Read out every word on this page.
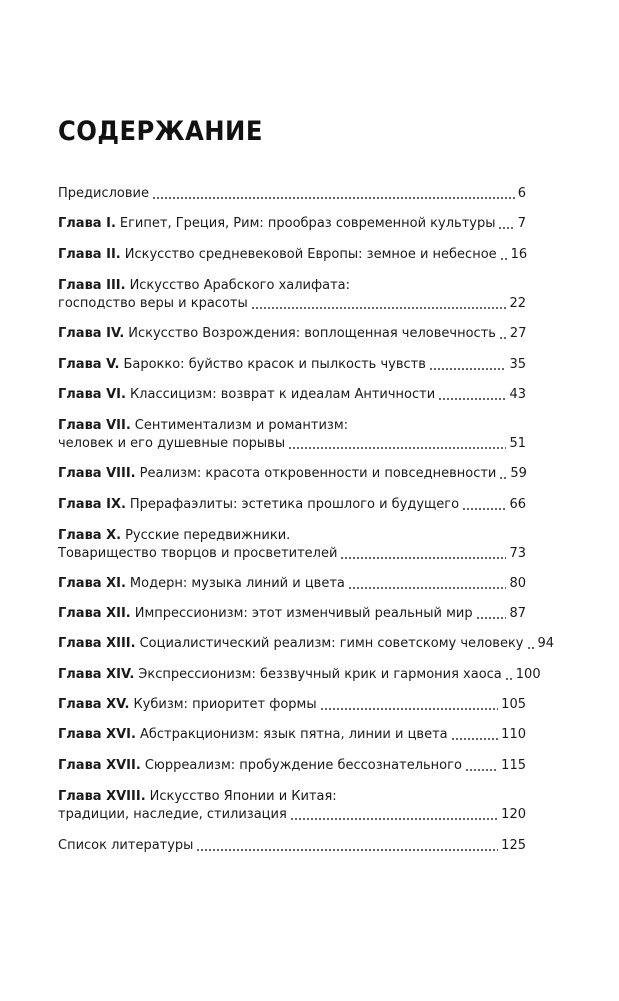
СОДЕРЖАНИЕ
Предисловие	6
Глава I. Египет, Греция, Рим: прообраз современной культуры 7
Глава II. Искусство средневековой Европы: земное и небесное 16
Глава III. Искусство Арабского халифата:
господство веры и красоты	22
Глава IV. Искусство Возрождения: воплощенная человечность 27
Глава V. Барокко: буйство красок и пылкость чувств	35
Глава VI. Классицизм: возврат к идеалам Античности	43
Глава VII. Сентиментализм и романтизм:
человек и его душевные порывы	51
Глава VIII. Реализм: красота откровенности и повседневности 59
Глава IX. Прерафаэлиты: эстетика прошлого и будущего	66
Глава X. Русские передвижники.
Товарищество творцов и просветителей	73
Глава XI. Модерн: музыка линий и цвета	80
Глава XII. Импрессионизм: этот изменчивый реальный мир	87
Глава XIII. Социалистический реализм: гимн советскому человеку 94
Глава XIV. Экспрессионизм: беззвучный крик и гармония хаоса 100
Глава XV. Кубизм: приоритет формы	105
Глава XVI. Абстракционизм: язык пятна, линии и цвета	110
Глава XVII. Сюрреализм: пробуждение бессознательного	115
Глава XVIII. Искусство Японии и Китая:
традиции, наследие, стилизация	120
Список литературы	125
